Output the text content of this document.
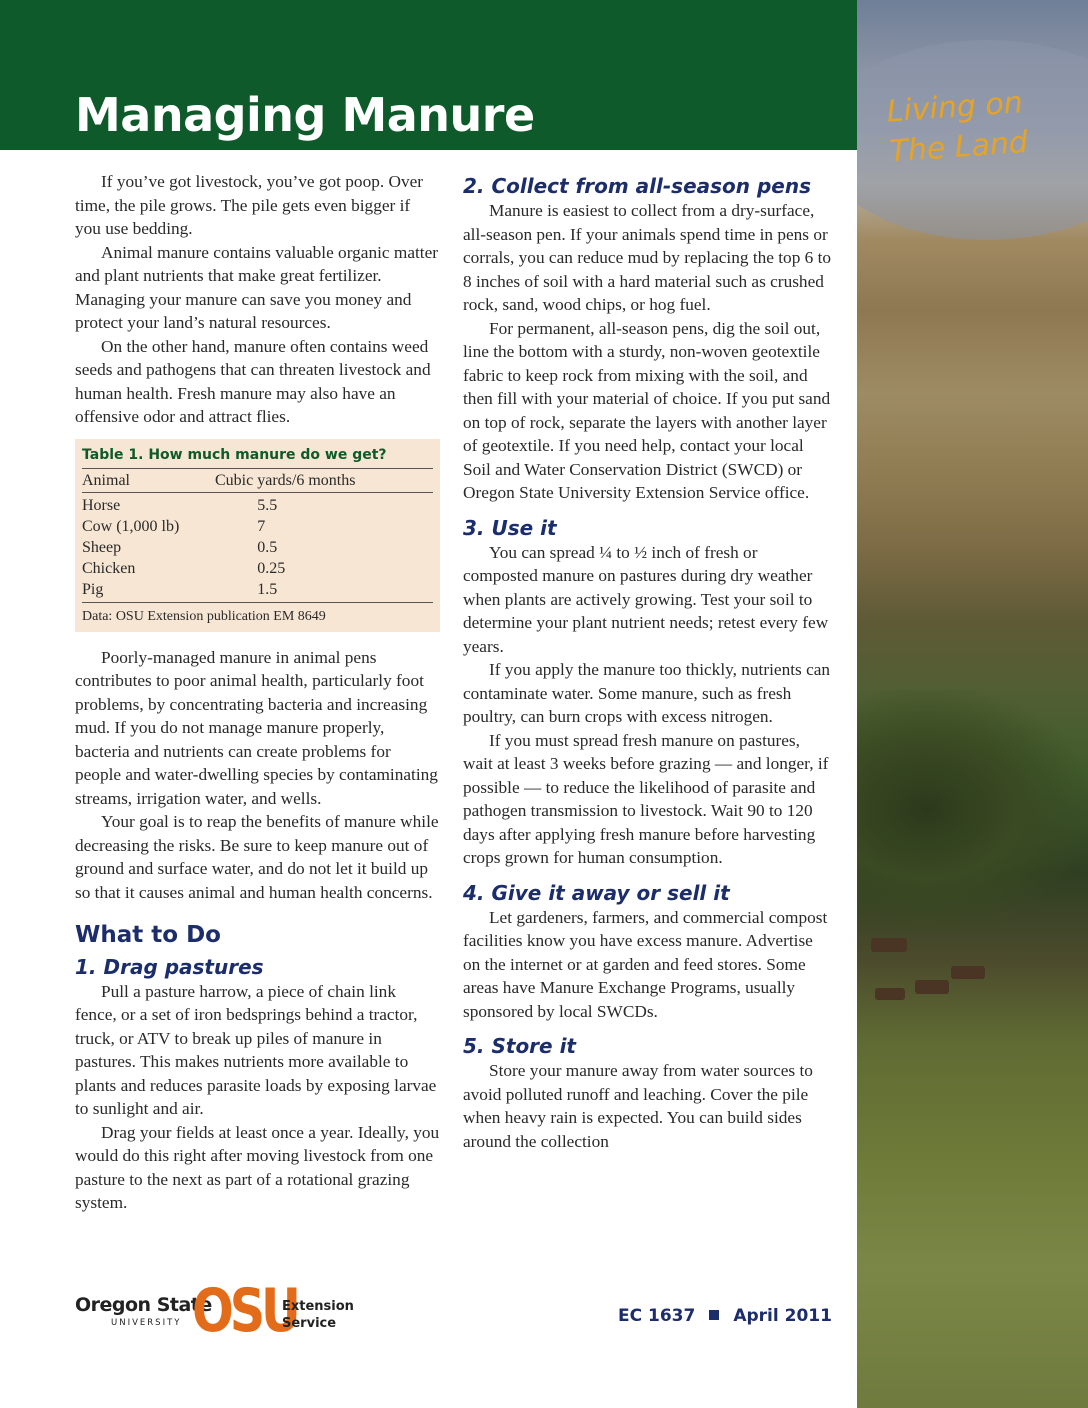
Managing Manure	Living on
The Land

If you’ve got livestock, you’ve got poop. Over time, the pile grows. The pile gets even bigger if you use bedding.

Animal manure contains valuable organic matter and plant nutrients that make great fertilizer. Managing your manure can save you money and protect your land’s natural resources.

On the other hand, manure often contains weed seeds and pathogens that can threaten livestock and human health. Fresh manure may also have an offensive odor and attract flies.

Table 1. How much manure do we get?
Animal	Cubic yards/6 months
Horse	5.5
Cow (1,000 lb)	7
Sheep	0.5
Chicken	0.25
Pig	1.5
Data: OSU Extension publication EM 8649

Poorly-managed manure in animal pens contributes to poor animal health, particularly foot problems, by concentrating bacteria and increasing mud. If you do not manage manure properly, bacteria and nutrients can create problems for people and water-dwelling species by contaminating streams, irrigation water, and wells.

Your goal is to reap the benefits of manure while decreasing the risks. Be sure to keep manure out of ground and surface water, and do not let it build up so that it causes animal and human health concerns.

What to Do
1. Drag pastures

Pull a pasture harrow, a piece of chain link fence, or a set of iron bedsprings behind a tractor, truck, or ATV to break up piles of manure in pastures. This makes nutrients more available to plants and reduces parasite loads by exposing larvae to sunlight and air.

Drag your fields at least once a year. Ideally, you would do this right after moving livestock from one pasture to the next as part of a rotational grazing system.

2. Collect from all-season pens

Manure is easiest to collect from a dry-surface, all-season pen. If your animals spend time in pens or corrals, you can reduce mud by replacing the top 6 to 8 inches of soil with a hard material such as crushed rock, sand, wood chips, or hog fuel.

For permanent, all-season pens, dig the soil out, line the bottom with a sturdy, non-woven geotextile fabric to keep rock from mixing with the soil, and then fill with your material of choice. If you put sand on top of rock, separate the layers with another layer of geotextile. If you need help, contact your local Soil and Water Conservation District (SWCD) or Oregon State University Extension Service office.

3. Use it

You can spread ¼ to ½ inch of fresh or composted manure on pastures during dry weather when plants are actively growing. Test your soil to determine your plant nutrient needs; retest every few years.

If you apply the manure too thickly, nutrients can contaminate water. Some manure, such as fresh poultry, can burn crops with excess nitrogen.

If you must spread fresh manure on pastures, wait at least 3 weeks before grazing — and longer, if possible — to reduce the likelihood of parasite and pathogen transmission to livestock. Wait 90 to 120 days after applying fresh manure before harvesting crops grown for human consumption.

4. Give it away or sell it

Let gardeners, farmers, and commercial compost facilities know you have excess manure. Advertise on the internet or at garden and feed stores. Some areas have Manure Exchange Programs, usually sponsored by local SWCDs.

5. Store it

Store your manure away from water sources to avoid polluted runoff and leaching. Cover the pile when heavy rain is expected. You can build sides around the collection

Oregon State
UNIVERSITY OSU
Extension
Service	EC 1637 April 2011
